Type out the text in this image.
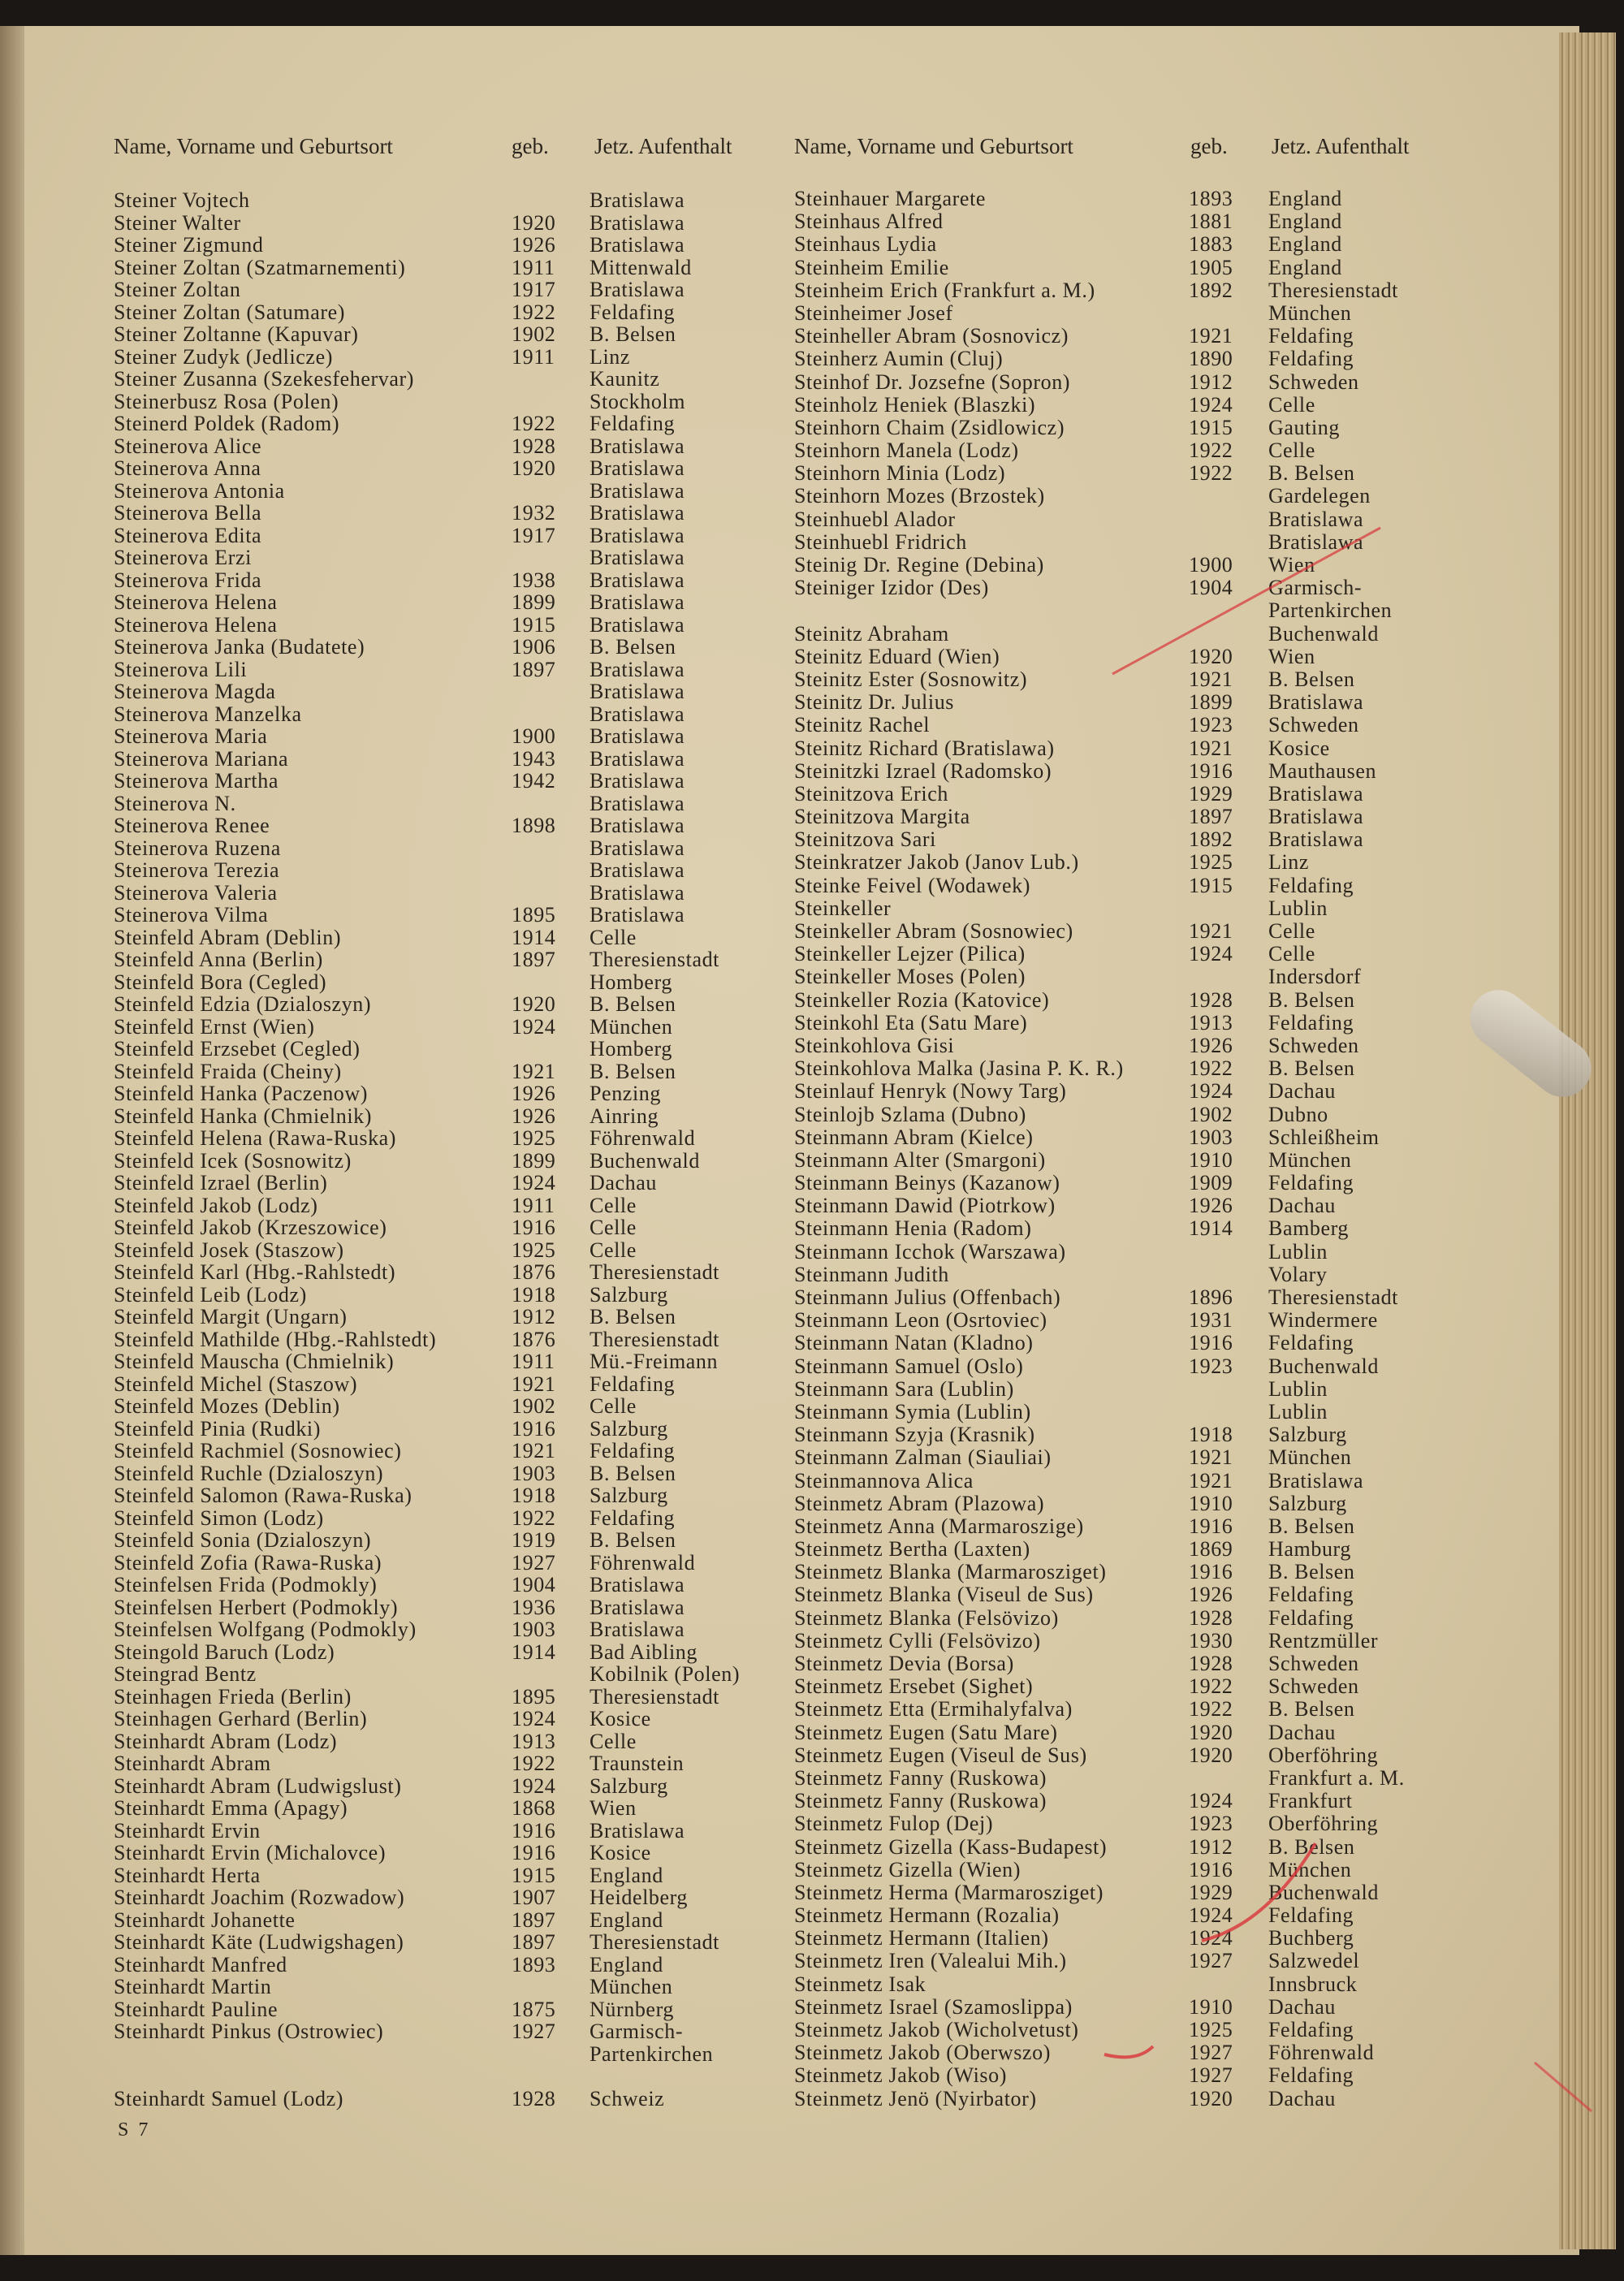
Name, Vorname und Geburtsort	geb. Jetz. Aufenthalt	Name, Vorname und Geburtsort	geb. Jetz. Aufenthalt
Steiner Vojtech	Bratislawa
Steiner Walter	1920 Bratislawa
Steiner Zigmund	1926 Bratislawa
Steiner Zoltan (Szatmarnementi)	1911 Mittenwald
Steiner Zoltan	1917 Bratislawa
Steiner Zoltan (Satumare)	1922 Feldafing
Steiner Zoltanne (Kapuvar)	1902 B. Belsen
Steiner Zudyk (Jedlicze)	1911 Linz
Steiner Zusanna (Szekesfehervar)	Kaunitz
Steinerbusz Rosa (Polen)	Stockholm
Steinerd Poldek (Radom)	1922 Feldafing
Steinerova Alice	1928 Bratislawa
Steinerova Anna	1920 Bratislawa
Steinerova Antonia	Bratislawa
Steinerova Bella	1932 Bratislawa
Steinerova Edita	1917 Bratislawa
Steinerova Erzi	Bratislawa
Steinerova Frida	1938 Bratislawa
Steinerova Helena	1899 Bratislawa
Steinerova Helena	1915 Bratislawa
Steinerova Janka (Budatete)	1906 B. Belsen
Steinerova Lili	1897 Bratislawa
Steinerova Magda	Bratislawa
Steinerova Manzelka	Bratislawa
Steinerova Maria	1900 Bratislawa
Steinerova Mariana	1943 Bratislawa
Steinerova Martha	1942 Bratislawa
Steinerova N.	Bratislawa
Steinerova Renee	1898 Bratislawa
Steinerova Ruzena	Bratislawa
Steinerova Terezia	Bratislawa
Steinerova Valeria	Bratislawa
Steinerova Vilma	1895 Bratislawa
Steinfeld Abram (Deblin)	1914 Celle
Steinfeld Anna (Berlin)	1897 Theresienstadt
Steinfeld Bora (Cegled)	Homberg
Steinfeld Edzia (Dzialoszyn)	1920 B. Belsen
Steinfeld Ernst (Wien)	1924 München
Steinfeld Erzsebet (Cegled)	Homberg
Steinfeld Fraida (Cheiny)	1921 B. Belsen
Steinfeld Hanka (Paczenow)	1926 Penzing
Steinfeld Hanka (Chmielnik)	1926 Ainring
Steinfeld Helena (Rawa-Ruska)	1925 Föhrenwald
Steinfeld Icek (Sosnowitz)	1899 Buchenwald
Steinfeld Izrael (Berlin)	1924 Dachau
Steinfeld Jakob (Lodz)	1911 Celle
Steinfeld Jakob (Krzeszowice)	1916 Celle
Steinfeld Josek (Staszow)	1925 Celle
Steinfeld Karl (Hbg.-Rahlstedt)	1876 Theresienstadt
Steinfeld Leib (Lodz)	1918 Salzburg
Steinfeld Margit (Ungarn)	1912 B. Belsen
Steinfeld Mathilde (Hbg.-Rahlstedt)	1876 Theresienstadt
Steinfeld Mauscha (Chmielnik)	1911 Mü.-Freimann
Steinfeld Michel (Staszow)	1921 Feldafing
Steinfeld Mozes (Deblin)	1902 Celle
Steinfeld Pinia (Rudki)	1916 Salzburg
Steinfeld Rachmiel (Sosnowiec)	1921 Feldafing
Steinfeld Ruchle (Dzialoszyn)	1903 B. Belsen
Steinfeld Salomon (Rawa-Ruska)	1918 Salzburg
Steinfeld Simon (Lodz)	1922 Feldafing
Steinfeld Sonia (Dzialoszyn)	1919 B. Belsen
Steinfeld Zofia (Rawa-Ruska)	1927 Föhrenwald
Steinfelsen Frida (Podmokly)	1904 Bratislawa
Steinfelsen Herbert (Podmokly)	1936 Bratislawa
Steinfelsen Wolfgang (Podmokly)	1903 Bratislawa
Steingold Baruch (Lodz)	1914 Bad Aibling
Steingrad Bentz	Kobilnik (Polen)
Steinhagen Frieda (Berlin)	1895 Theresienstadt
Steinhagen Gerhard (Berlin)	1924 Kosice
Steinhardt Abram (Lodz)	1913 Celle
Steinhardt Abram	1922 Traunstein
Steinhardt Abram (Ludwigslust)	1924 Salzburg
Steinhardt Emma (Apagy)	1868 Wien
Steinhardt Ervin	1916 Bratislawa
Steinhardt Ervin (Michalovce)	1916 Kosice
Steinhardt Herta	1915 England
Steinhardt Joachim (Rozwadow)	1907 Heidelberg
Steinhardt Johanette	1897 England
Steinhardt Käte (Ludwigshagen)	1897 Theresienstadt
Steinhardt Manfred	1893 England
Steinhardt Martin	München
Steinhardt Pauline	1875 Nürnberg
Steinhardt Pinkus (Ostrowiec)	1927 Garmisch-
Partenkirchen
Steinhardt Samuel (Lodz)	1928 Schweiz
Steinhauer Margarete	1893 England
Steinhaus Alfred	1881 England
Steinhaus Lydia	1883 England
Steinheim Emilie	1905 England
Steinheim Erich (Frankfurt a. M.)	1892 Theresienstadt
Steinheimer Josef	München
Steinheller Abram (Sosnovicz)	1921 Feldafing
Steinherz Aumin (Cluj)	1890 Feldafing
Steinhof Dr. Jozsefne (Sopron)	1912 Schweden
Steinholz Heniek (Blaszki)	1924 Celle
Steinhorn Chaim (Zsidlowicz)	1915 Gauting
Steinhorn Manela (Lodz)	1922 Celle
Steinhorn Minia (Lodz)	1922 B. Belsen
Steinhorn Mozes (Brzostek)	Gardelegen
Steinhuebl Alador	Bratislawa
Steinhuebl Fridrich	Bratislawa
Steinig Dr. Regine (Debina)	1900 Wien
Steiniger Izidor (Des)	1904 Garmisch-
Partenkirchen
Steinitz Abraham	Buchenwald
Steinitz Eduard (Wien)	1920 Wien
Steinitz Ester (Sosnowitz)	1921 B. Belsen
Steinitz Dr. Julius	1899 Bratislawa
Steinitz Rachel	1923 Schweden
Steinitz Richard (Bratislawa)	1921 Kosice
Steinitzki Izrael (Radomsko)	1916 Mauthausen
Steinitzova Erich	1929 Bratislawa
Steinitzova Margita	1897 Bratislawa
Steinitzova Sari	1892 Bratislawa
Steinkratzer Jakob (Janov Lub.)	1925 Linz
Steinke Feivel (Wodawek)	1915 Feldafing
Steinkeller	Lublin
Steinkeller Abram (Sosnowiec)	1921 Celle
Steinkeller Lejzer (Pilica)	1924 Celle
Steinkeller Moses (Polen)	Indersdorf
Steinkeller Rozia (Katovice)	1928 B. Belsen
Steinkohl Eta (Satu Mare)	1913 Feldafing
Steinkohlova Gisi	1926 Schweden
Steinkohlova Malka (Jasina P. K. R.)	1922 B. Belsen
Steinlauf Henryk (Nowy Targ)	1924 Dachau
Steinlojb Szlama (Dubno)	1902 Dubno
Steinmann Abram (Kielce)	1903 Schleißheim
Steinmann Alter (Smargoni)	1910 München
Steinmann Beinys (Kazanow)	1909 Feldafing
Steinmann Dawid (Piotrkow)	1926 Dachau
Steinmann Henia (Radom)	1914 Bamberg
Steinmann Icchok (Warszawa)	Lublin
Steinmann Judith	Volary
Steinmann Julius (Offenbach)	1896 Theresienstadt
Steinmann Leon (Osrtoviec)	1931 Windermere
Steinmann Natan (Kladno)	1916 Feldafing
Steinmann Samuel (Oslo)	1923 Buchenwald
Steinmann Sara (Lublin)	Lublin
Steinmann Symia (Lublin)	Lublin
Steinmann Szyja (Krasnik)	1918 Salzburg
Steinmann Zalman (Siauliai)	1921 München
Steinmannova Alica	1921 Bratislawa
Steinmetz Abram (Plazowa)	1910 Salzburg
Steinmetz Anna (Marmaroszige)	1916 B. Belsen
Steinmetz Bertha (Laxten)	1869 Hamburg
Steinmetz Blanka (Marmarosziget)	1916 B. Belsen
Steinmetz Blanka (Viseul de Sus)	1926 Feldafing
Steinmetz Blanka (Felsövizo)	1928 Feldafing
Steinmetz Cylli (Felsövizo)	1930 Rentzmüller
Steinmetz Devia (Borsa)	1928 Schweden
Steinmetz Ersebet (Sighet)	1922 Schweden
Steinmetz Etta (Ermihalyfalva)	1922 B. Belsen
Steinmetz Eugen (Satu Mare)	1920 Dachau
Steinmetz Eugen (Viseul de Sus)	1920 Oberföhring
Steinmetz Fanny (Ruskowa)	Frankfurt a. M.
Steinmetz Fanny (Ruskowa)	1924 Frankfurt
Steinmetz Fulop (Dej)	1923 Oberföhring
Steinmetz Gizella (Kass-Budapest)	1912 B. Belsen
Steinmetz Gizella (Wien)	1916 München
Steinmetz Herma (Marmarosziget)	1929 Buchenwald
Steinmetz Hermann (Rozalia)	1924 Feldafing
Steinmetz Hermann (Italien)	1924 Buchberg
Steinmetz Iren (Valealui Mih.)	1927 Salzwedel
Steinmetz Isak	Innsbruck
Steinmetz Israel (Szamoslippa)	1910 Dachau
Steinmetz Jakob (Wicholvetust)	1925 Feldafing
Steinmetz Jakob (Oberwszo)	1927 Föhrenwald
Steinmetz Jakob (Wiso)	1927 Feldafing
Steinmetz Jenö (Nyirbator)	1920 Dachau
S 7
